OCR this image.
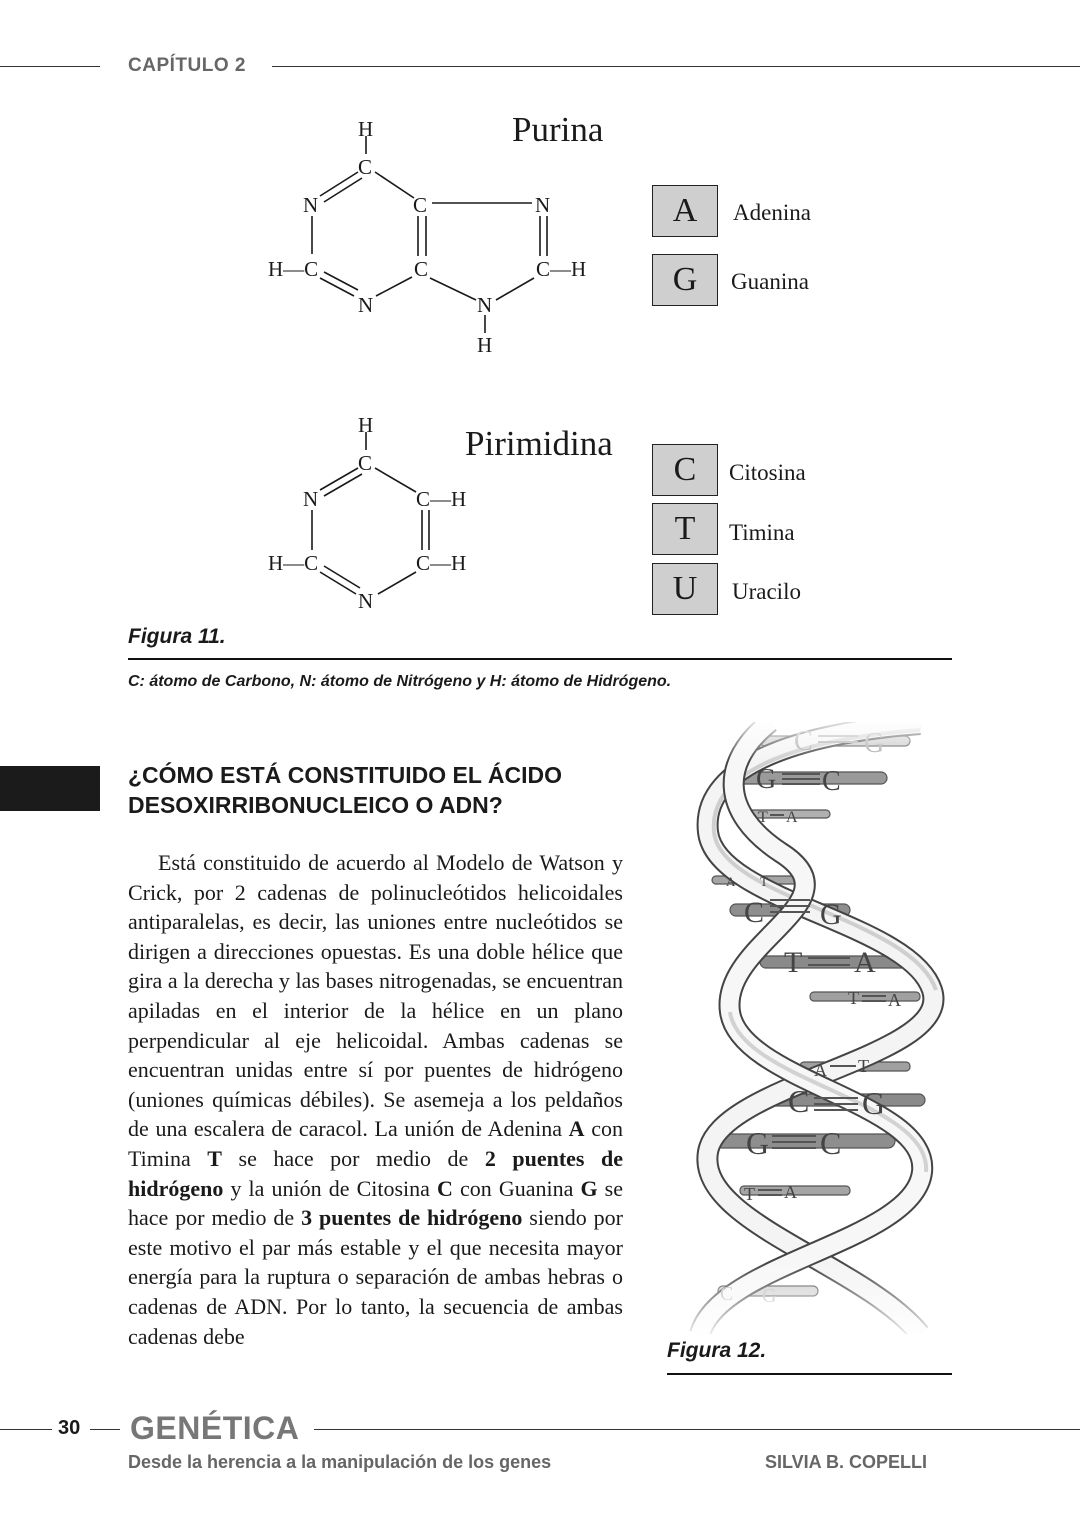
CAPÍTULO 2
H
C
N	C	N
H—C	C	C—H
N	N
H
Purina
A	Adenina
G	Guanina
H
C
N	C—H
H—C	C—H
N
Pirimidina
C	Citosina
T	Timina
U	Uracilo
Figura 11.
C: átomo de Carbono, N: átomo de Nitrógeno y H: átomo de Hidrógeno.
¿CÓMO ESTÁ CONSTITUIDO EL ÁCIDO
DESOXIRRIBONUCLEICO O ADN?
Está constituido de acuerdo al Modelo de Watson y Crick, por 2 cadenas de polinucleótidos helicoidales antiparalelas, es decir, las uniones entre nucleótidos se dirigen a direcciones opuestas. Es una doble hélice que gira a la derecha y las bases nitrogenadas, se encuentran apiladas en el interior de la hélice en un plano perpendicular al eje helicoidal. Ambas cadenas se encuentran unidas entre sí por puentes de hidrógeno (uniones químicas débiles). Se asemeja a los peldaños de una escalera de caracol. La unión de Adenina A con Timina T se hace por medio de 2 puentes de hidrógeno y la unión de Citosina C con Guanina G se hace por medio de 3 puentes de hidrógeno siendo por este motivo el par más estable y el que necesita mayor energía para la ruptura o separación de ambas hebras o cadenas de ADN. Por lo tanto, la secuencia de ambas cadenas debe
G C
T A
A T
C G
T A
T A
A T
C G
G C
T A
Figura 12.
30 GENÉTICA
Desde la herencia a la manipulación de los genes	SILVIA B. COPELLI
